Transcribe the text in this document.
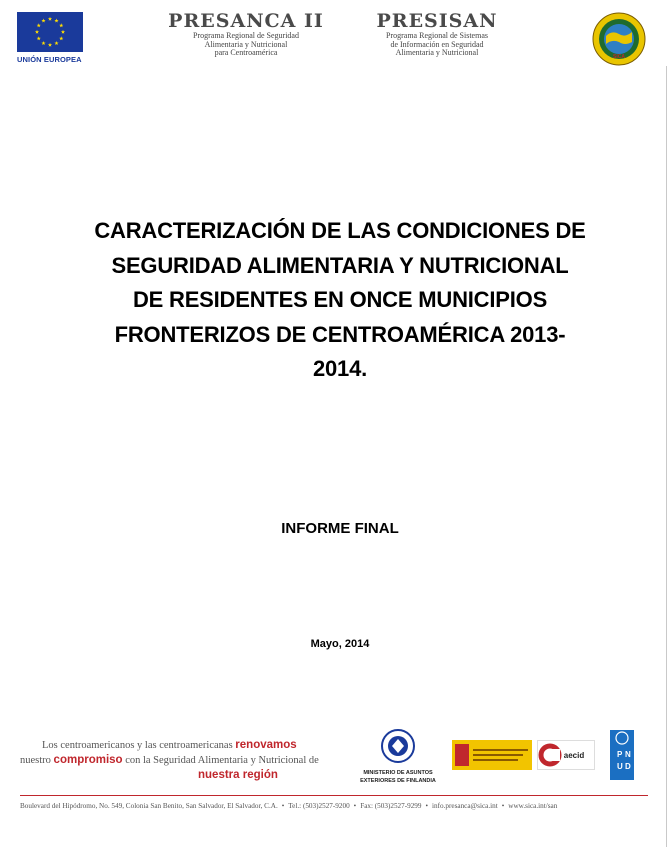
UNIÓN EUROPEA
PRESANCA II
Programa Regional de Seguridad
Alimentaria y Nutricional
para Centroamérica
PRESISAN
Programa Regional de Sistemas
de Información en Seguridad
Alimentaria y Nutricional	SICA
CARACTERIZACIÓN DE LAS CONDICIONES DE
SEGURIDAD ALIMENTARIA Y NUTRICIONAL
DE RESIDENTES EN ONCE MUNICIPIOS
FRONTERIZOS DE CENTROAMÉRICA 2013-
2014.
INFORME FINAL
Mayo, 2014
Los centroamericanos y las centroamericanas renovamos
nuestro compromiso con la Seguridad Alimentaria y Nutricional de
nuestra región	MINISTERIO DE ASUNTOS
EXTERIORES DE FINLANDIA
aecid	P N
U D
Boulevard del Hipódromo, No. 549, Colonia San Benito, San Salvador, El Salvador, C.A. • Tel.: (503)2527-9200 • Fax: (503)2527-9299 • info.presanca@sica.int • www.sica.int/san
